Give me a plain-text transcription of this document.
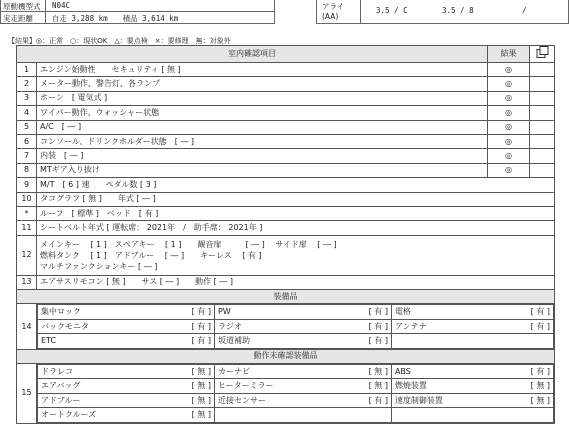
原動機型式 N04C
実走距離	自走 3,288 km　　積品 3,614 km
アライ
(AA)
3.5 / C	3.5 / 8	/
【結果】◎：正常　○：現状OK　△：要点検　×：要修理　無：対象外
室内確認項目	結果	
1	エンジン始動性　　セキュリティ [ 無 ]	◎	
2	メーター動作、警告灯、各ランプ	◎	
3	ホーン　[ 電気式 ]	◎	
4	ワイパー動作、ウォッシャー状態	◎	
5	A/C　[ ― ]	◎	
6	コンソール、ドリンクホルダー状態　[ ― ]	◎	
7	内装　[ ― ]	◎	
8	MTギア入り抜け	◎	
9	M/T　[ 6 ] 速　　ペダル数 [ 3 ]
10	タコグラフ [ 無 ]　　年式 [ ― ]
*	ルーフ　[ 標準 ]　ベッド　[ 有 ]
11	シートベルト年式 [ 運転席： 2021年　/　助手席： 2021年 ]
12	
メインキー　 [ 1 ]　スペアキー　 [ 1 ]　　観音扉　　　[ ― ]　 サイド扉　 [ ― ]
燃料タンク　 [ 1 ]　アドブルー　 [ ― ]　　キーレス　 [ 有 ]
マルチファンクションキー [ ― ]

13	エアサスリモコン [ 無 ]　　サス [ ― ]　　動作 [ ― ]
装備品
14	
集中ロック	[ 有 ]	PW	[ 有 ]	電格	[ 有 ]
バックモニタ	[ 有 ]	ラジオ	[ 有 ]	アンテナ	[ 有 ]
ETC	[ 有 ]	坂道補助	[ 有 ]		

動作未確認装備品
15	
ドラレコ	[ 無 ]	カーナビ	[ 無 ]	ABS	[ 有 ]
エアバッグ	[ 無 ]	ヒーターミラー	[ 無 ]	燃焼装置	[ 無 ]
アドブルー	[ 無 ]	近接センサー	[ 有 ]	速度制御装置	[ 無 ]
オートクルーズ	[ 無 ]				
